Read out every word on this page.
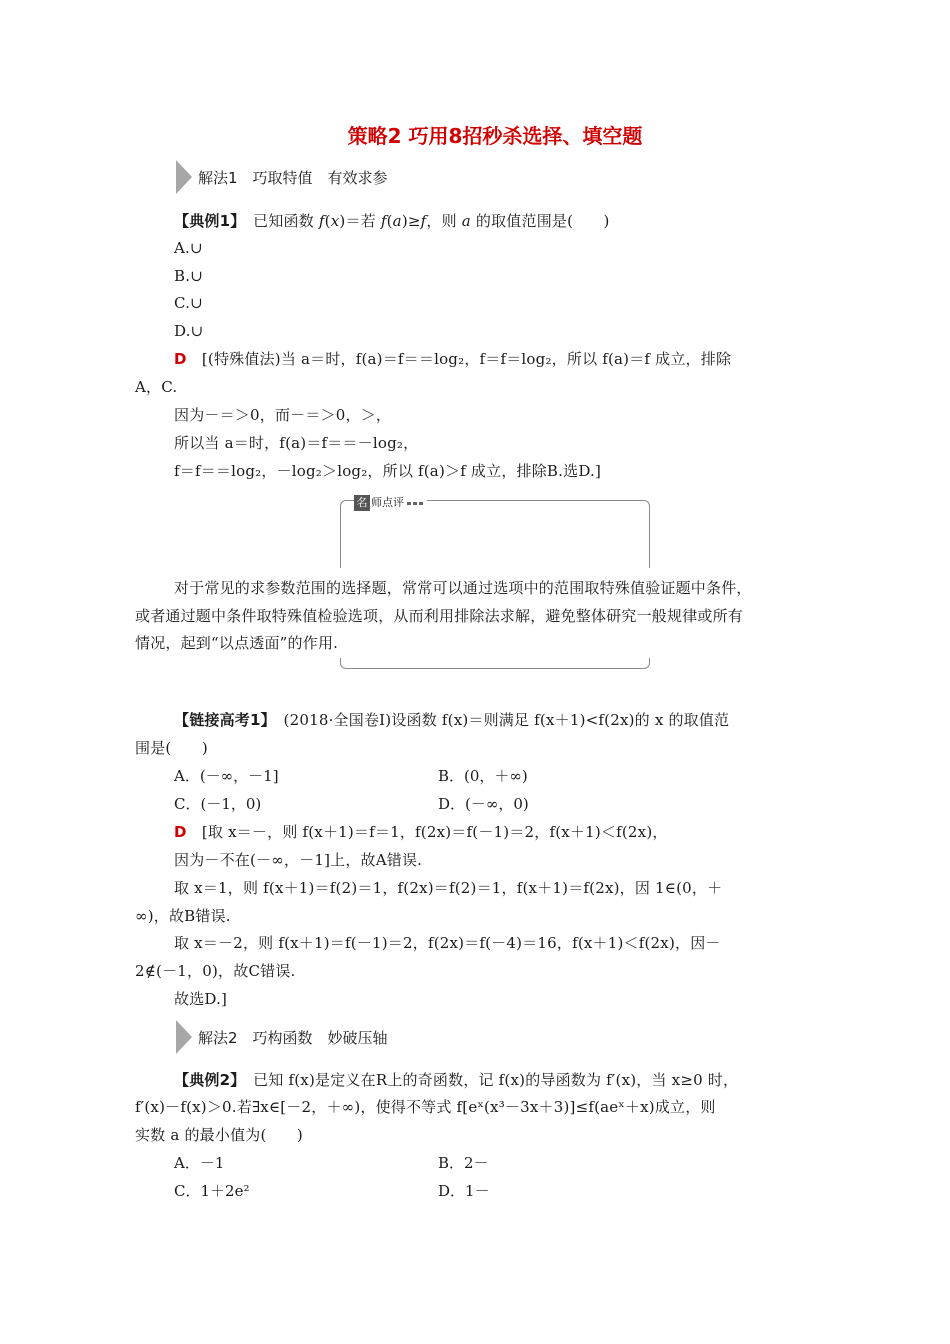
策略2 巧用8招秒杀选择、填空题
解法1　巧取特值　有效求参
【典例1】　已知函数 f(x)＝若 f(a)≥f，则 a 的取值范围是(　　)
A.∪
B.∪
C.∪
D.∪
D　[(特殊值法)当 a＝时，f(a)＝f＝＝log₂，f＝f＝log₂，所以 f(a)＝f 成立，排除
A，C.
因为－＝＞0，而－＝＞0，＞，
所以当 a＝时，f(a)＝f＝＝－log₂，
f＝f＝＝log₂，－log₂＞log₂，所以 f(a)＞f 成立，排除B.选D.]
名 师点评
对于常见的求参数范围的选择题，常常可以通过选项中的范围取特殊值验证题中条件，
或者通过题中条件取特殊值检验选项，从而利用排除法求解，避免整体研究一般规律或所有
情况，起到“以点透面”的作用.
【链接高考1】　(2018·全国卷Ⅰ)设函数 f(x)＝则满足 f(x＋1)<f(2x)的 x 的取值范
围是(　　)
A．(－∞，－1]	B．(0，＋∞)
C．(－1，0)	D．(－∞，0)
D　[取 x＝－，则 f(x＋1)＝f＝1，f(2x)＝f(－1)＝2，f(x＋1)＜f(2x)，
因为－不在(－∞，－1]上，故A错误.
取 x＝1，则 f(x＋1)＝f(2)＝1，f(2x)＝f(2)＝1，f(x＋1)＝f(2x)，因 1∈(0，＋
∞)，故B错误.
取 x＝－2，则 f(x＋1)＝f(－1)＝2，f(2x)＝f(－4)＝16，f(x＋1)＜f(2x)，因－
2∉(－1，0)，故C错误.
故选D.]
解法2　巧构函数　妙破压轴
【典例2】　已知 f(x)是定义在R上的奇函数，记 f(x)的导函数为 f′(x)，当 x≥0 时，
f′(x)－f(x)＞0.若∃x∈[－2，＋∞)，使得不等式 f[eˣ(x³－3x＋3)]≤f(aeˣ＋x)成立，则
实数 a 的最小值为(　　)
A．－1	B．2－
C．1＋2e²	D．1－
